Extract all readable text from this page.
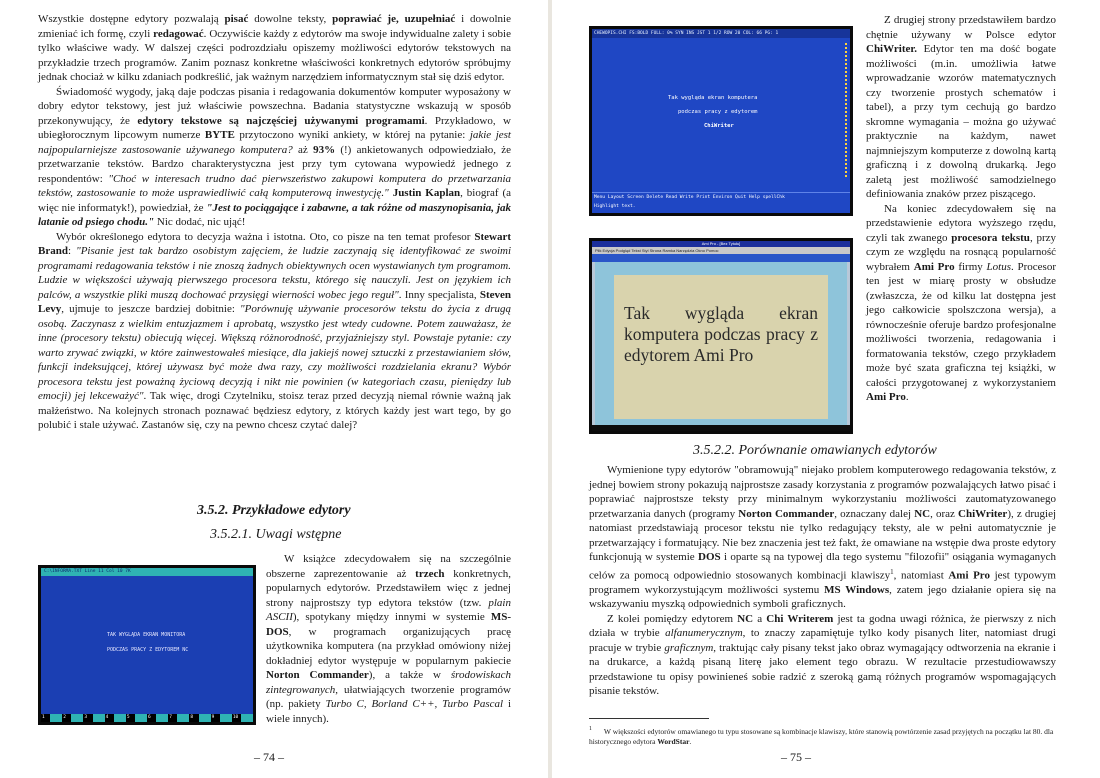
Wszystkie dostępne edytory pozwalają pisać dowolne teksty, poprawiać je, uzupełniać i dowolnie zmieniać ich formę, czyli redagować. Oczywiście każdy z edytorów ma swoje indywidualne zalety i sobie tylko właściwe wady. W dalszej części podrozdziału opiszemy możliwości edytorów tekstowych na przykładzie trzech programów. Zanim poznasz konkretne właściwości konkretnych edytorów spróbujmy jednak chociaż w kilku zdaniach podkreślić, jak ważnym narzędziem informatycznym stał się dziś edytor.

Świadomość wygody, jaką daje podczas pisania i redagowania dokumentów komputer wyposażony w dobry edytor tekstowy, jest już właściwie powszechna. Badania statystyczne wskazują w sposób przekonywujący, że edytory tekstowe są najczęściej używanymi programami. Przykładowo, w ubiegłorocznym lipcowym numerze BYTE przytoczono wyniki ankiety, w której na pytanie: jakie jest najpopularniejsze zastosowanie używanego komputera? aż 93% (!) ankietowanych odpowiedziało, że przetwarzanie tekstów. Bardzo charakterystyczna jest przy tym cytowana wypowiedź jednego z respondentów: "Choć w interesach trudno dać pierwszeństwo zakupowi komputera do przetwarzania tekstów, zastosowanie to może usprawiedliwić całą komputerową inwestycję." Justin Kaplan, biograf (a więc nie informatyk!), powiedział, że "Jest to pociągające i zabawne, a tak różne od maszynopisania, jak latanie od psiego chodu." Nic dodać, nic ująć!

Wybór określonego edytora to decyzja ważna i istotna. Oto, co pisze na ten temat profesor Stewart Brand: "Pisanie jest tak bardzo osobistym zajęciem, że ludzie zaczynają się identyfikować ze swoimi programami redagowania tekstów i nie znoszą żadnych obiektywnych ocen wystawianych tym programom. Ludzie w większości używają pierwszego procesora tekstu, którego się nauczyli. Jest on językiem ich palców, a wszystkie pliki muszą dochować przysięgi wierności wobec jego reguł". Inny specjalista, Steven Levy, ujmuje to jeszcze bardziej dobitnie: "Porównuję używanie procesorów tekstu do życia z drugą osobą. Zaczynasz z wielkim entuzjazmem i aprobatą, wszystko jest wtedy cudowne. Potem zauważasz, że inne (procesory tekstu) obiecują więcej. Większą różnorodność, przyjaźniejszy styl. Powstaje pytanie: czy warto zrywać związki, w które zainwestowałeś miesiące, dla jakiejś nowej sztuczki z przestawianiem słów, funkcji indeksującej, której używasz być może dwa razy, czy możliwości rozdzielania ekranu? Wybór procesora tekstu jest poważną życiową decyzją i nikt nie powinien (w kategoriach czasu, pieniędzy lub emocji) jej lekceważyć". Tak więc, drogi Czytelniku, stoisz teraz przed decyzją niemal równie ważną jak małżeństwo. Na kolejnych stronach poznawać będziesz edytory, z których każdy jest wart tego, by go polubić i stale używać. Zastanów się, czy na pewno chcesz czytać dalej?

3.5.2. Przykładowe edytory
3.5.2.1. Uwagi wstępne
C:\INFORMA.TXT Line 11 Col 10 7K
TAK WYGLĄDA EKRAN MONITORA
PODCZAS PRACY Z EDYTOREM NC
1	2	3	4	5	6	7	8	9	10

W książce zdecydowałem się na szczególnie obszerne zaprezentowanie aż trzech konkretnych, popularnych edytorów. Przedstawiłem więc z jednej strony najprostszy typ edytora tekstów (tzw. plain ASCII), spotykany między innymi w systemie MS-DOS, w programach organizujących pracę użytkownika komputera (na przykład omówiony niżej dokładniej edytor występuje w popularnym pakiecie Norton Commander), a także w środowiskach zintegrowanych, ułatwiających tworzenie programów (np. pakiety Turbo C, Borland C++, Turbo Pascal i wiele innych).

– 74 –
CHEWOPIS.CHI FS:BOLD FULL: 0% SYN INS JST 1 1/2 ROW 20 COL: 66 PG: 1
Tak wygląda ekran komputera
podczas pracy z edytorem
ChiWriter
Menu Layout Screen Delete Read Write Print Environ Quit Help spellChk
Highlight text.
Ami Pro - [Bez Tytułu]
Plik Edycja Podgląd Tekst Styl Strona Ramka Narzędzia Okno Pomoc
Tak wygląda ekran komputera podczas pracy z edytorem Ami Pro

Z drugiej strony przedstawiłem bardzo chętnie używany w Polsce edytor ChiWriter. Edytor ten ma dość bogate możliwości (m.in. umożliwia łatwe wprowadzanie wzorów matematycznych czy tworzenie prostych schematów i tabel), a przy tym cechują go bardzo skromne wymagania – można go używać praktycznie na każdym, nawet najmniejszym komputerze z dowolną kartą graficzną i z dowolną drukarką. Jego zaletą jest możliwość samodzielnego definiowania znaków przez piszącego.

Na koniec zdecydowałem się na przedstawienie edytora wyższego rzędu, czyli tak zwanego procesora tekstu, przy czym ze względu na rosnącą popularność wybrałem Ami Pro firmy Lotus. Procesor ten jest w miarę prosty w obsłudze (zwłaszcza, że od kilku lat dostępna jest jego całkowicie spolszczona wersja), a równocześnie oferuje bardzo profesjonalne możliwości tworzenia, redagowania i formatowania tekstów, czego przykładem może być szata graficzna tej książki, w całości przygotowanej z wykorzystaniem Ami Pro.

3.5.2.2. Porównanie omawianych edytorów

Wymienione typy edytorów "obramowują" niejako problem komputerowego redagowania tekstów, z jednej bowiem strony pokazują najprostsze zasady korzystania z programów pozwalających łatwo pisać i poprawiać najprostsze teksty przy minimalnym wykorzystaniu możliwości zautomatyzowanego przetwarzania danych (programy Norton Commander, oznaczany dalej NC, oraz ChiWriter), z drugiej natomiast przedstawiają procesor tekstu nie tylko redagujący teksty, ale w pełni automatycznie je przetwarzający i formatujący. Nie bez znaczenia jest też fakt, że omawiane na wstępie dwa proste edytory funkcjonują w systemie DOS i oparte są na typowej dla tego systemu "filozofii" osiągania wymaganych celów za pomocą odpowiednio stosowanych kombinacji klawiszy$^1$, natomiast Ami Pro jest typowym programem wykorzystującym możliwości systemu MS Windows, zatem jego działanie opiera się na wskazywaniu myszką odpowiednich symboli graficznych.

Z kolei pomiędzy edytorem NC a Chi Writerem jest ta godna uwagi różnica, że pierwszy z nich działa w trybie alfanumerycznym, to znaczy zapamiętuje tylko kody pisanych liter, natomiast drugi pracuje w trybie graficznym, traktując cały pisany tekst jako obraz wymagający odtworzenia na ekranie i na drukarce, a każdą pisaną literę jako element tego obrazu. W rezultacie przestudiowawszy przedstawione tu opisy powinieneś sobie radzić z szeroką gamą różnych programów wspomagających pisanie tekstów.

$^1$ W większości edytorów omawianego tu typu stosowane są kombinacje klawiszy, które stanowią powtórzenie zasad przyjętych na początku lat 80. dla historycznego edytora WordStar.
– 75 –
